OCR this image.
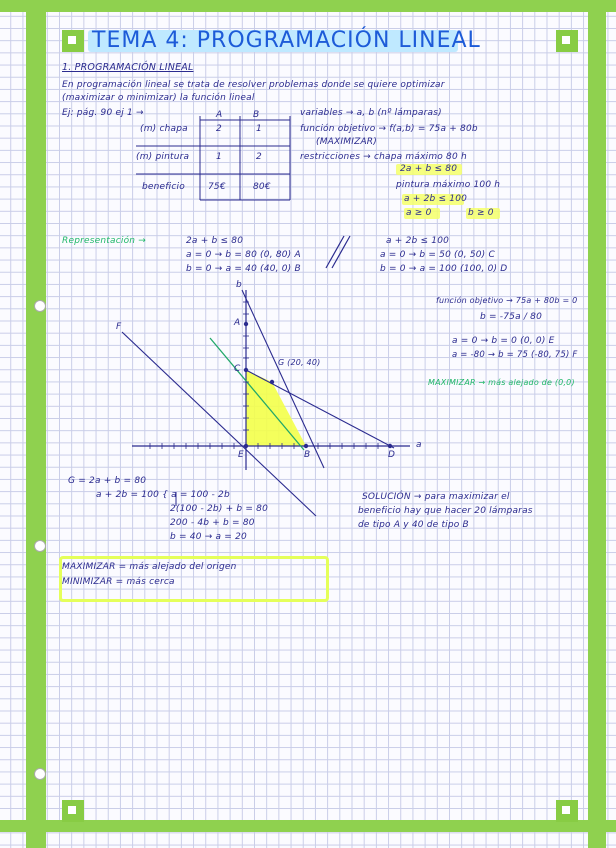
TEMA 4: PROGRAMACIÓN LINEAL
1. PROGRAMACIÓN LINEAL
En programación lineal se trata de resolver problemas donde se quiere optimizar
(maximizar o minimizar) la función lineal
Ej: pág. 90 ej 1 →	A	B
(m) chapa	2	1
(m) pintura	1	2
beneficio	75€	80€
variables → a, b (nº lámparas)
función objetivo → f(a,b) = 75a + 80b
(MAXIMIZAR)
restricciones → chapa máximo 80 h
2a + b ≤ 80
pintura máximo 100 h
a + 2b ≤ 100
a ≥ 0	b ≥ 0
Representación →	2a + b ≤ 80
a = 0 → b = 80 (0, 80) A
b = 0 → a = 40 (40, 0) B
a + 2b ≤ 100
a = 0 → b = 50 (0, 50) C
b = 0 → a = 100 (100, 0) D
función objetivo → 75a + 80b = 0
b = -75a / 80
a = 0 → b = 0 (0, 0) E
a = -80 → b = 75 (-80, 75) F
MAXIMIZAR → más alejado de (0,0)
b
a
A
B
C
D
E
F
G (20, 40)
G = 2a + b = 80
a + 2b = 100 { a = 100 - 2b
2(100 - 2b) + b = 80
200 - 4b + b = 80
b = 40 → a = 20
SOLUCIÓN → para maximizar el
beneficio hay que hacer 20 lámparas
de tipo A y 40 de tipo B
MAXIMIZAR = más alejado del origen
MINIMIZAR = más cerca
